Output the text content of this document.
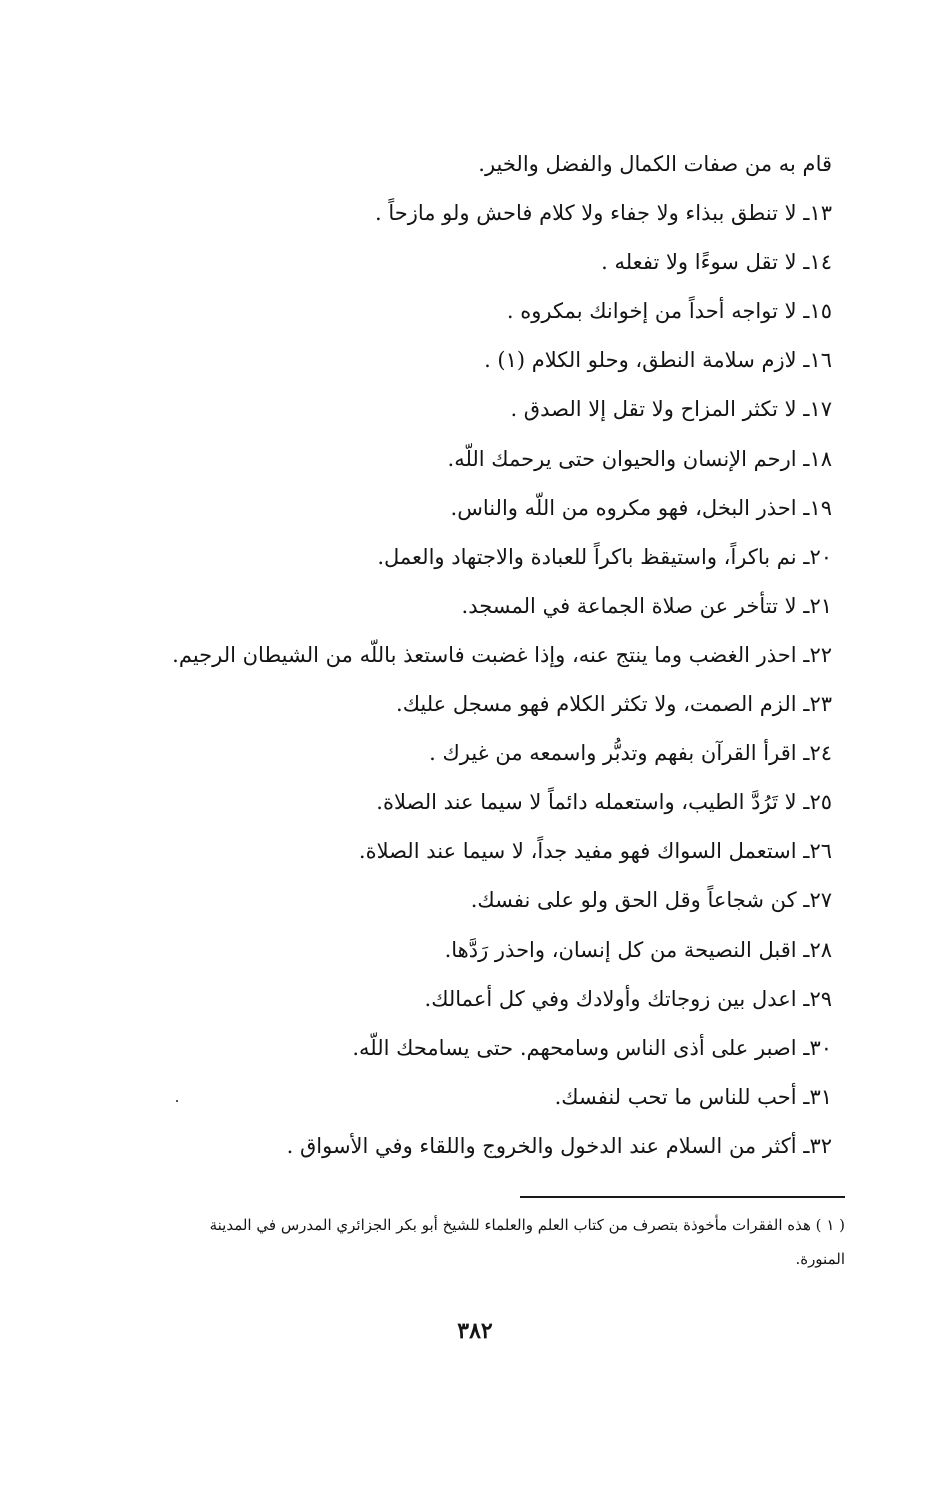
قام به من صفات الكمال والفضل والخير.
١٣ـ لا تنطق ببذاء ولا جفاء ولا كلام فاحش ولو مازحاً .
١٤ـ لا تقل سوءًا ولا تفعله .
١٥ـ لا تواجه أحداً من إخوانك بمكروه .
١٦ـ لازم سلامة النطق، وحلو الكلام (١) .
١٧ـ لا تكثر المزاح ولا تقل إلا الصدق .
١٨ـ ارحم الإنسان والحيوان حتى يرحمك اللّه.
١٩ـ احذر البخل، فهو مكروه من اللّه والناس.
٢٠ـ نم باكراً، واستيقظ باكراً للعبادة والاجتهاد والعمل.
٢١ـ لا تتأخر عن صلاة الجماعة في المسجد.
٢٢ـ احذر الغضب وما ينتج عنه، وإذا غضبت فاستعذ باللّه من الشيطان الرجيم.
٢٣ـ الزم الصمت، ولا تكثر الكلام فهو مسجل عليك.
٢٤ـ اقرأ القرآن بفهم وتدبُّر واسمعه من غيرك .
٢٥ـ لا تَرُدَّ الطيب، واستعمله دائماً لا سيما عند الصلاة.
٢٦ـ استعمل السواك فهو مفيد جداً، لا سيما عند الصلاة.
٢٧ـ كن شجاعاً وقل الحق ولو على نفسك.
٢٨ـ اقبل النصيحة من كل إنسان، واحذر رَدَّها.
٢٩ـ اعدل بين زوجاتك وأولادك وفي كل أعمالك.
٣٠ـ اصبر على أذى الناس وسامحهم. حتى يسامحك اللّه.
٣١ـ أحب للناس ما تحب لنفسك.
٣٢ـ أكثر من السلام عند الدخول والخروج واللقاء وفي الأسواق .
( ١ ) هذه الفقرات مأخوذة بتصرف من كتاب العلم والعلماء للشيخ أبو بكر الجزائري المدرس في المدينة
المنورة.
٣٨٢
